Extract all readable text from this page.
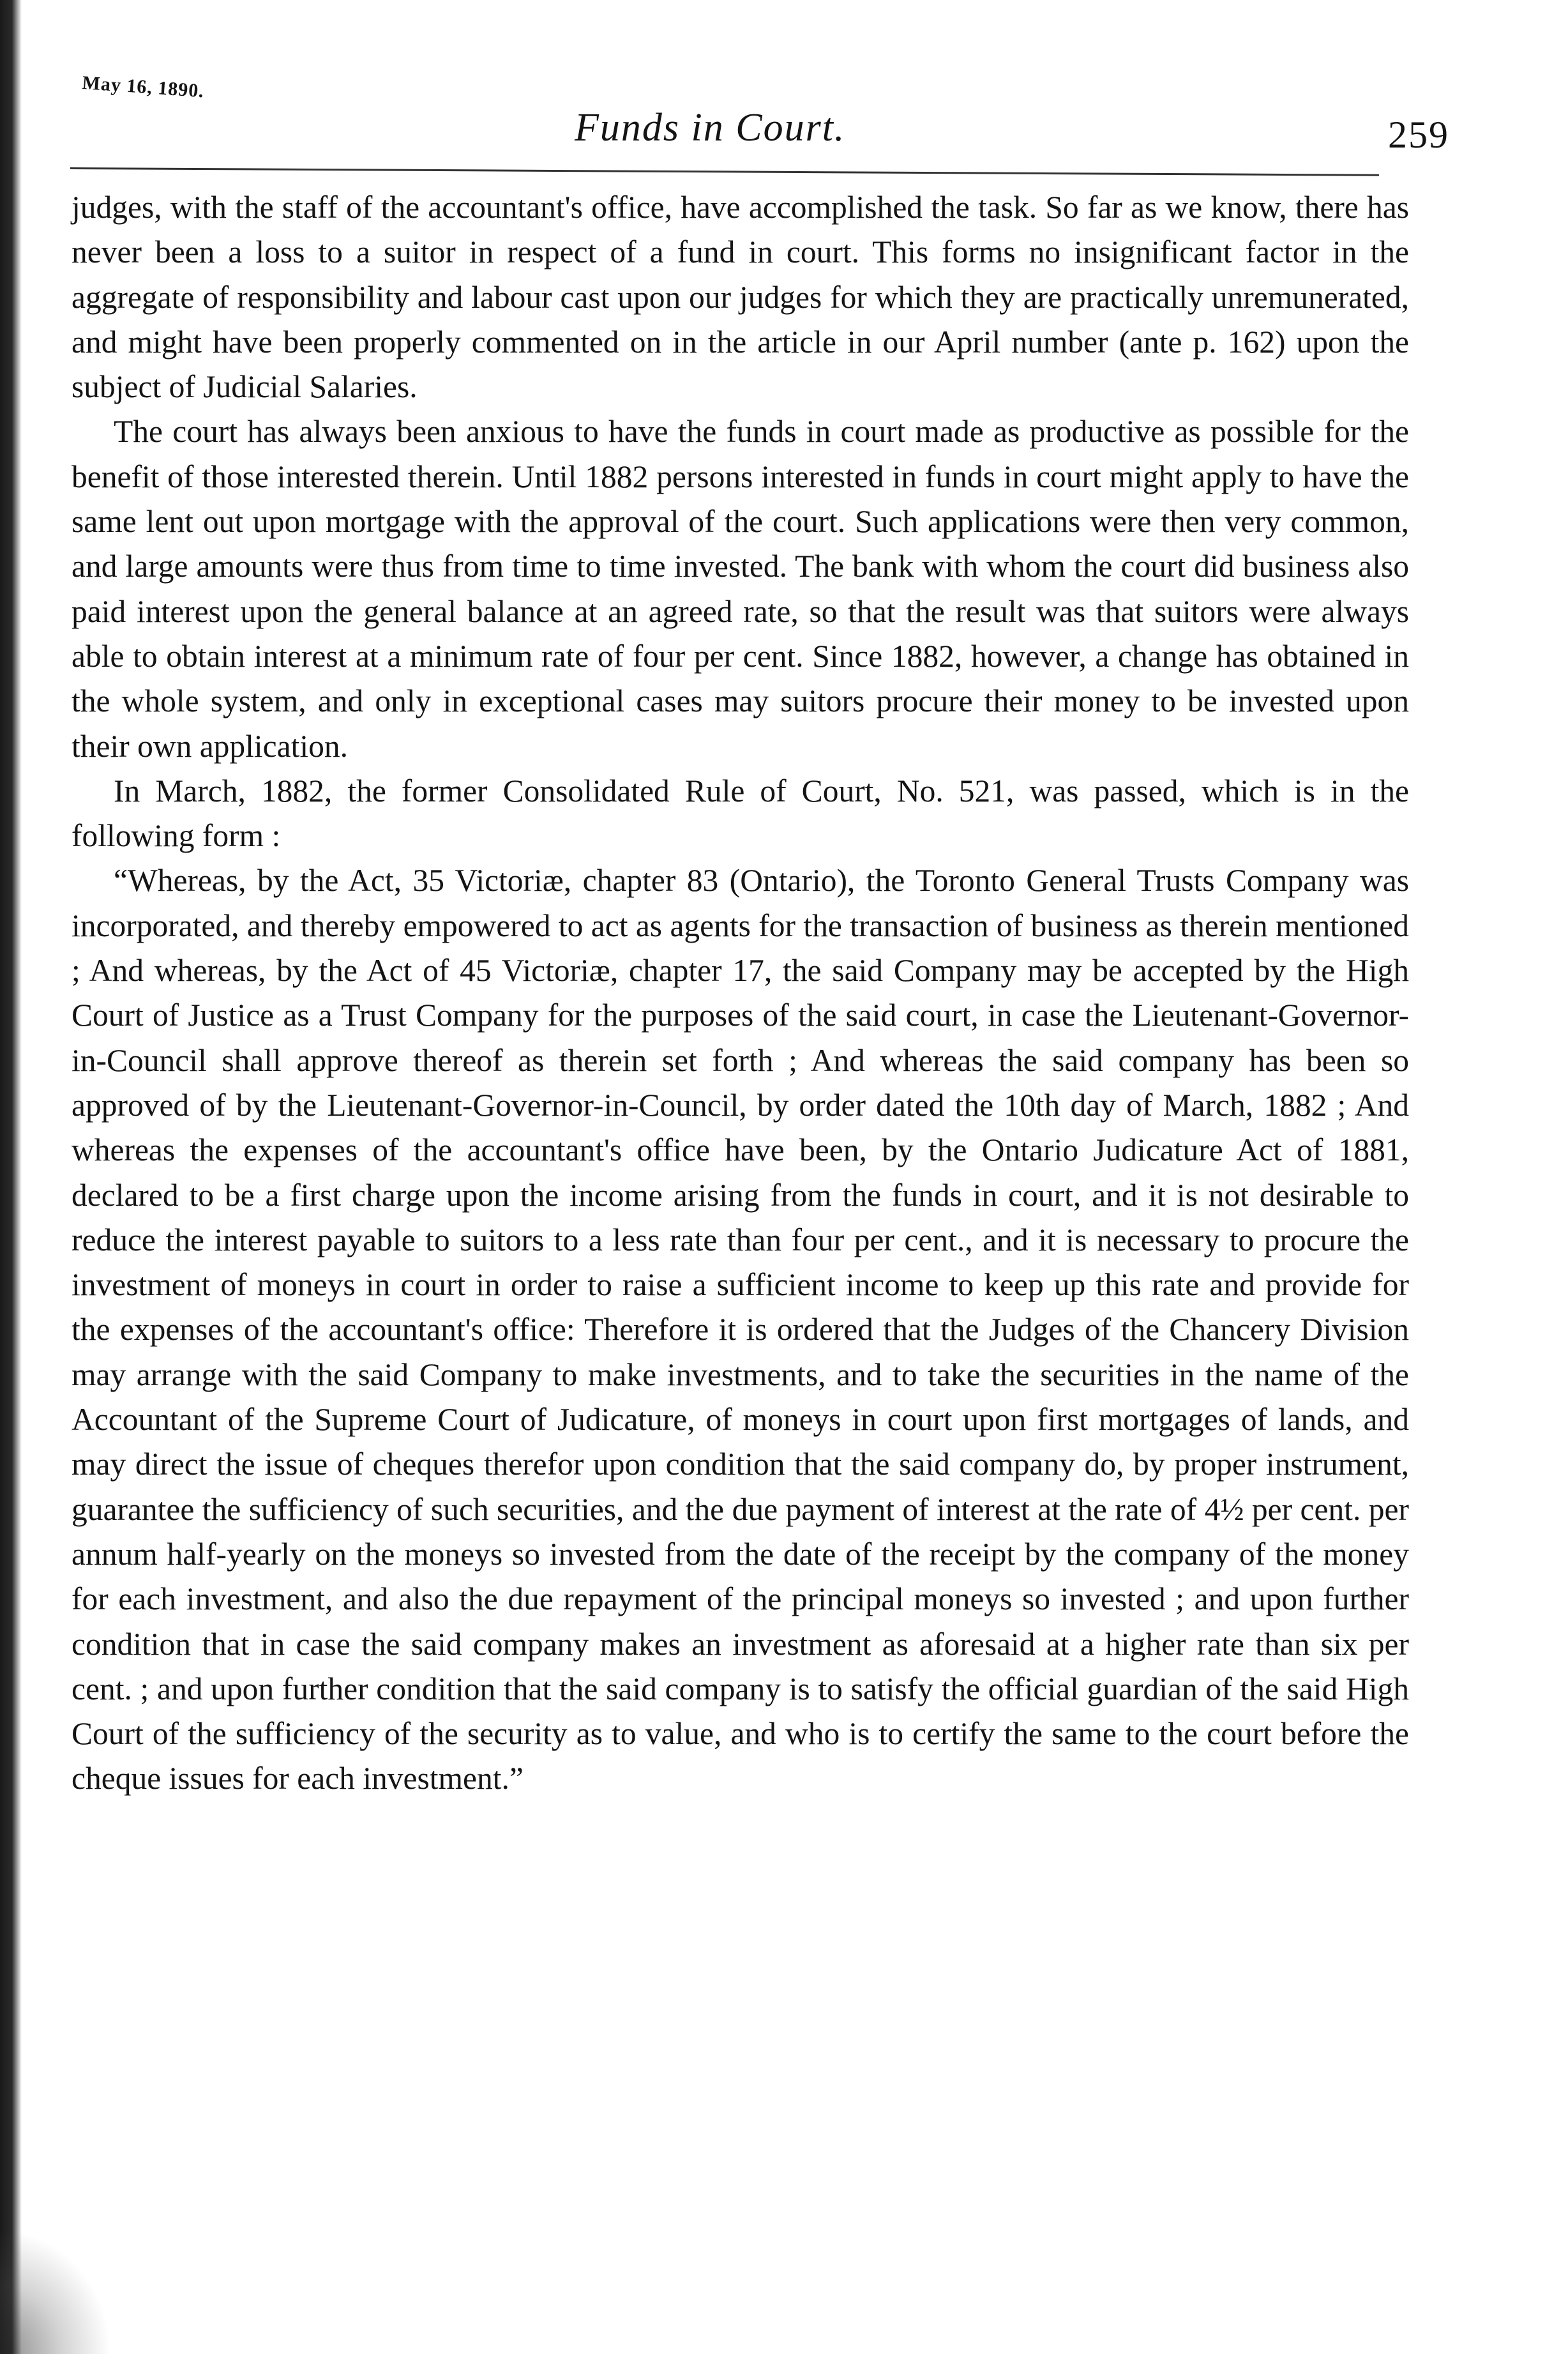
May 16, 1890.
Funds in Court.	259

judges, with the staff of the accountant's office, have accomplished the task. So far as we know, there has never been a loss to a suitor in respect of a fund in court. This forms no insignificant factor in the aggregate of responsibility and labour cast upon our judges for which they are practically unremunerated, and might have been properly commented on in the article in our April number (ante p. 162) upon the subject of Judicial Salaries.

The court has always been anxious to have the funds in court made as productive as possible for the benefit of those interested therein. Until 1882 persons interested in funds in court might apply to have the same lent out upon mortgage with the approval of the court. Such applications were then very common, and large amounts were thus from time to time invested. The bank with whom the court did business also paid interest upon the general balance at an agreed rate, so that the result was that suitors were always able to obtain interest at a minimum rate of four per cent. Since 1882, however, a change has obtained in the whole system, and only in exceptional cases may suitors procure their money to be invested upon their own application.

In March, 1882, the former Consolidated Rule of Court, No. 521, was passed, which is in the following form :

“Whereas, by the Act, 35 Victoriæ, chapter 83 (Ontario), the Toronto General Trusts Company was incorporated, and thereby empowered to act as agents for the transaction of business as therein mentioned ; And whereas, by the Act of 45 Victoriæ, chapter 17, the said Company may be accepted by the High Court of Justice as a Trust Company for the purposes of the said court, in case the Lieutenant-Governor-in-Council shall approve thereof as therein set forth ; And whereas the said company has been so approved of by the Lieutenant-Governor-in-Council, by order dated the 10th day of March, 1882 ; And whereas the expenses of the accountant's office have been, by the Ontario Judicature Act of 1881, declared to be a first charge upon the income arising from the funds in court, and it is not desirable to reduce the interest payable to suitors to a less rate than four per cent., and it is necessary to procure the investment of moneys in court in order to raise a sufficient income to keep up this rate and provide for the expenses of the accountant's office: Therefore it is ordered that the Judges of the Chancery Division may arrange with the said Company to make investments, and to take the securities in the name of the Accountant of the Supreme Court of Judicature, of moneys in court upon first mortgages of lands, and may direct the issue of cheques therefor upon condition that the said company do, by proper instrument, guarantee the sufficiency of such securities, and the due payment of interest at the rate of 4½ per cent. per annum half-yearly on the moneys so invested from the date of the receipt by the company of the money for each investment, and also the due repayment of the principal moneys so invested ; and upon further condition that in case the said company makes an investment as aforesaid at a higher rate than six per cent. ; and upon further condition that the said company is to satisfy the official guardian of the said High Court of the sufficiency of the security as to value, and who is to certify the same to the court before the cheque issues for each investment.”
